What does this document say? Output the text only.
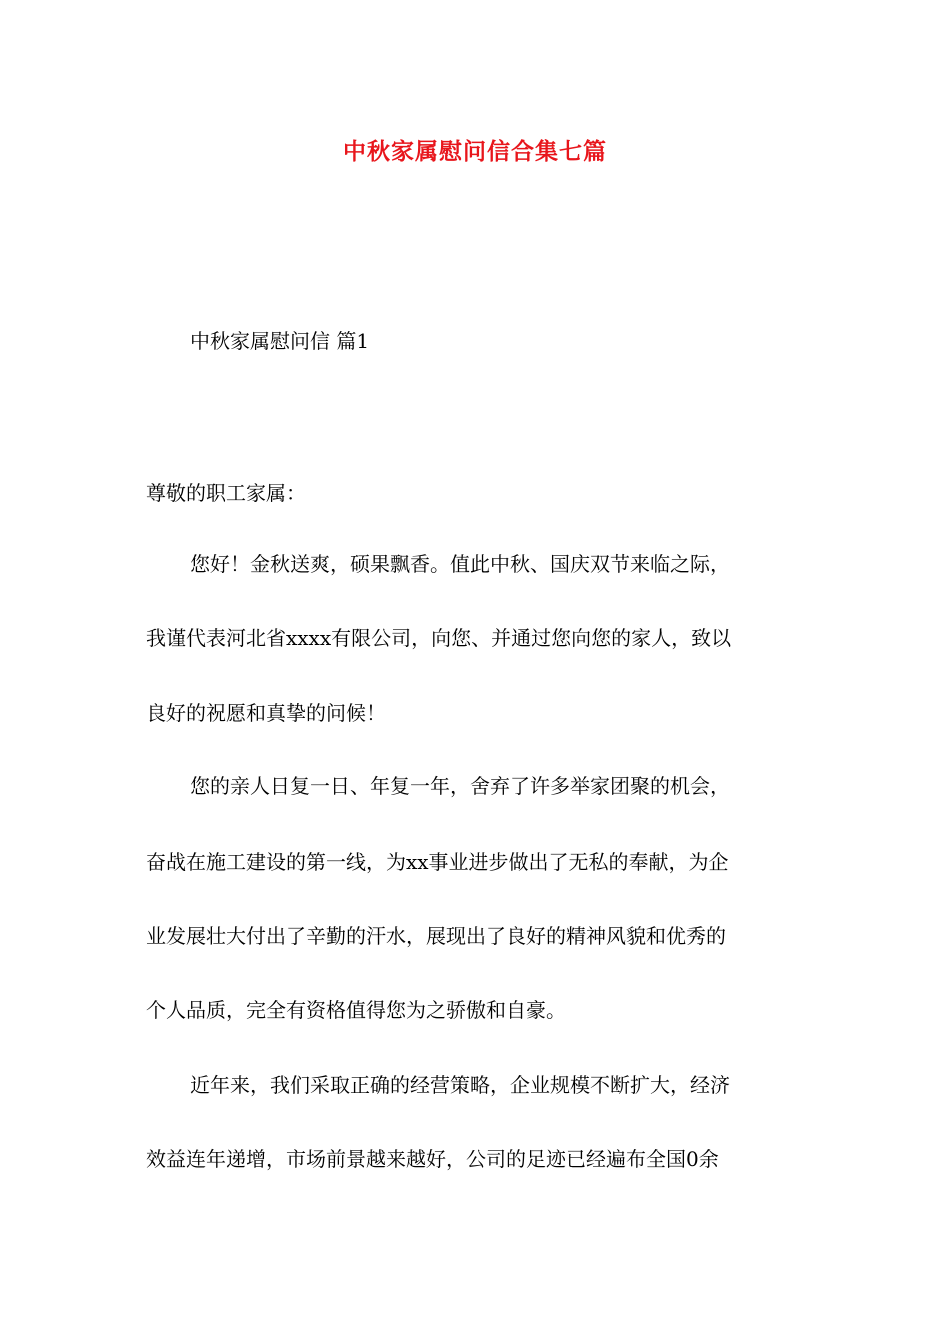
中秋家属慰问信合集七篇
中秋家属慰问信 篇1
尊敬的职工家属：
您好！金秋送爽，硕果飘香。值此中秋、国庆双节来临之际，
我谨代表河北省xxxx有限公司，向您、并通过您向您的家人，致以
良好的祝愿和真挚的问候！
您的亲人日复一日、年复一年，舍弃了许多举家团聚的机会，
奋战在施工建设的第一线，为xx事业进步做出了无私的奉献，为企
业发展壮大付出了辛勤的汗水，展现出了良好的精神风貌和优秀的
个人品质，完全有资格值得您为之骄傲和自豪。
近年来，我们采取正确的经营策略，企业规模不断扩大，经济
效益连年递增，市场前景越来越好，公司的足迹已经遍布全国0余
